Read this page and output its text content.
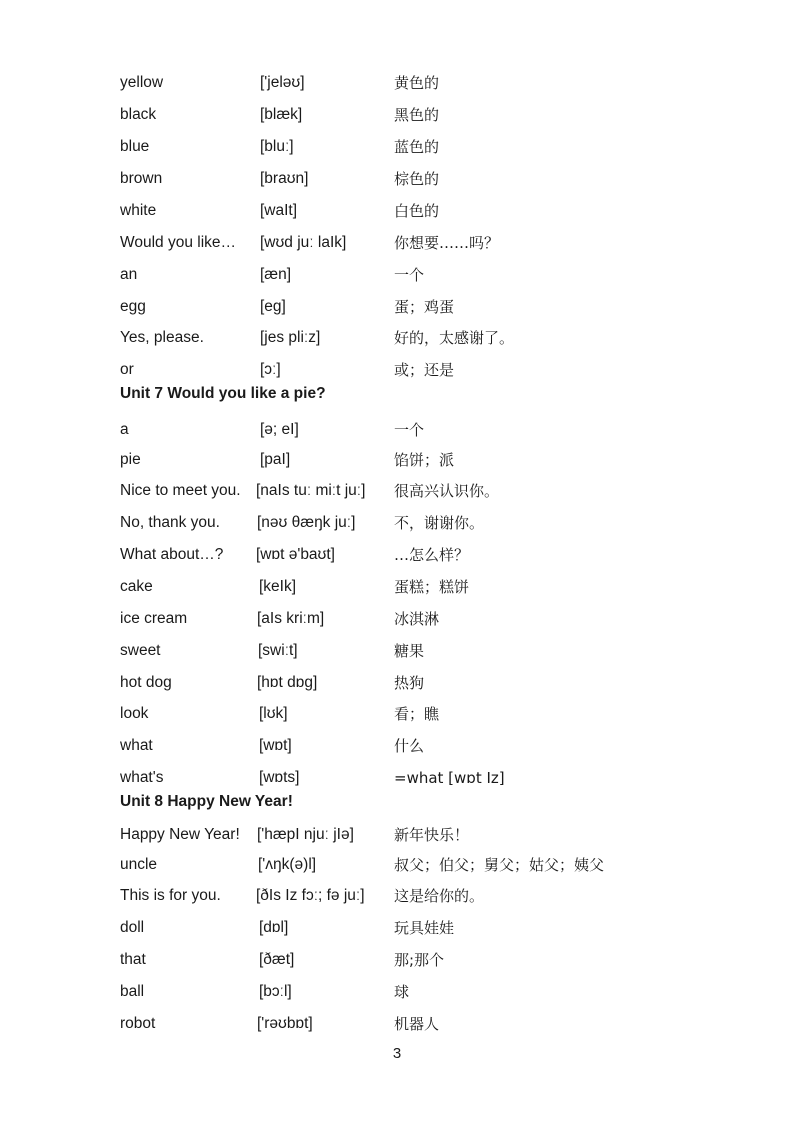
yellow	['jeləʊ]	黄色的
black	[blæk]	黑色的
blue	[bluː]	蓝色的
brown	[braʊn]	棕色的
white	[waIt]	白色的
Would you like… [wʊd juː laIk]	你想要……吗？
an	[æn]	一个
egg	[eg]	蛋；鸡蛋
Yes, please.	[jes pliːz]	好的，太感谢了。
or	[ɔː]	或；还是
Unit 7 Would you like a pie?
a	[ə; eI]	一个
pie	[paI]	馅饼；派
Nice to meet you. [naIs tuː miːt juː] 很高兴认识你。
No, thank you. [nəʊ θæŋk juː]	不，谢谢你。
What about…? [wɒt ə'baʊt]	…怎么样？
cake	[keIk]	蛋糕；糕饼
ice cream	[aIs kriːm]	冰淇淋
sweet	[swiːt]	糖果
hot dog	[hɒt dɒg]	热狗
look	[lʊk]	看；瞧
what	[wɒt]	什么
what's	[wɒts]	=what [wɒt Iz]
Unit 8 Happy New Year!
Happy New Year! ['hæpI njuː jIə]	新年快乐！
uncle	['ʌŋk(ə)l]	叔父；伯父；舅父；姑父；姨父
This is for you. [ðIs Iz fɔː; fə juː] 这是给你的。
doll	[dɒl]	玩具娃娃
that	[ðæt]	那;那个
ball	[bɔːl]	球
robot	['rəʊbɒt]	机器人
3
